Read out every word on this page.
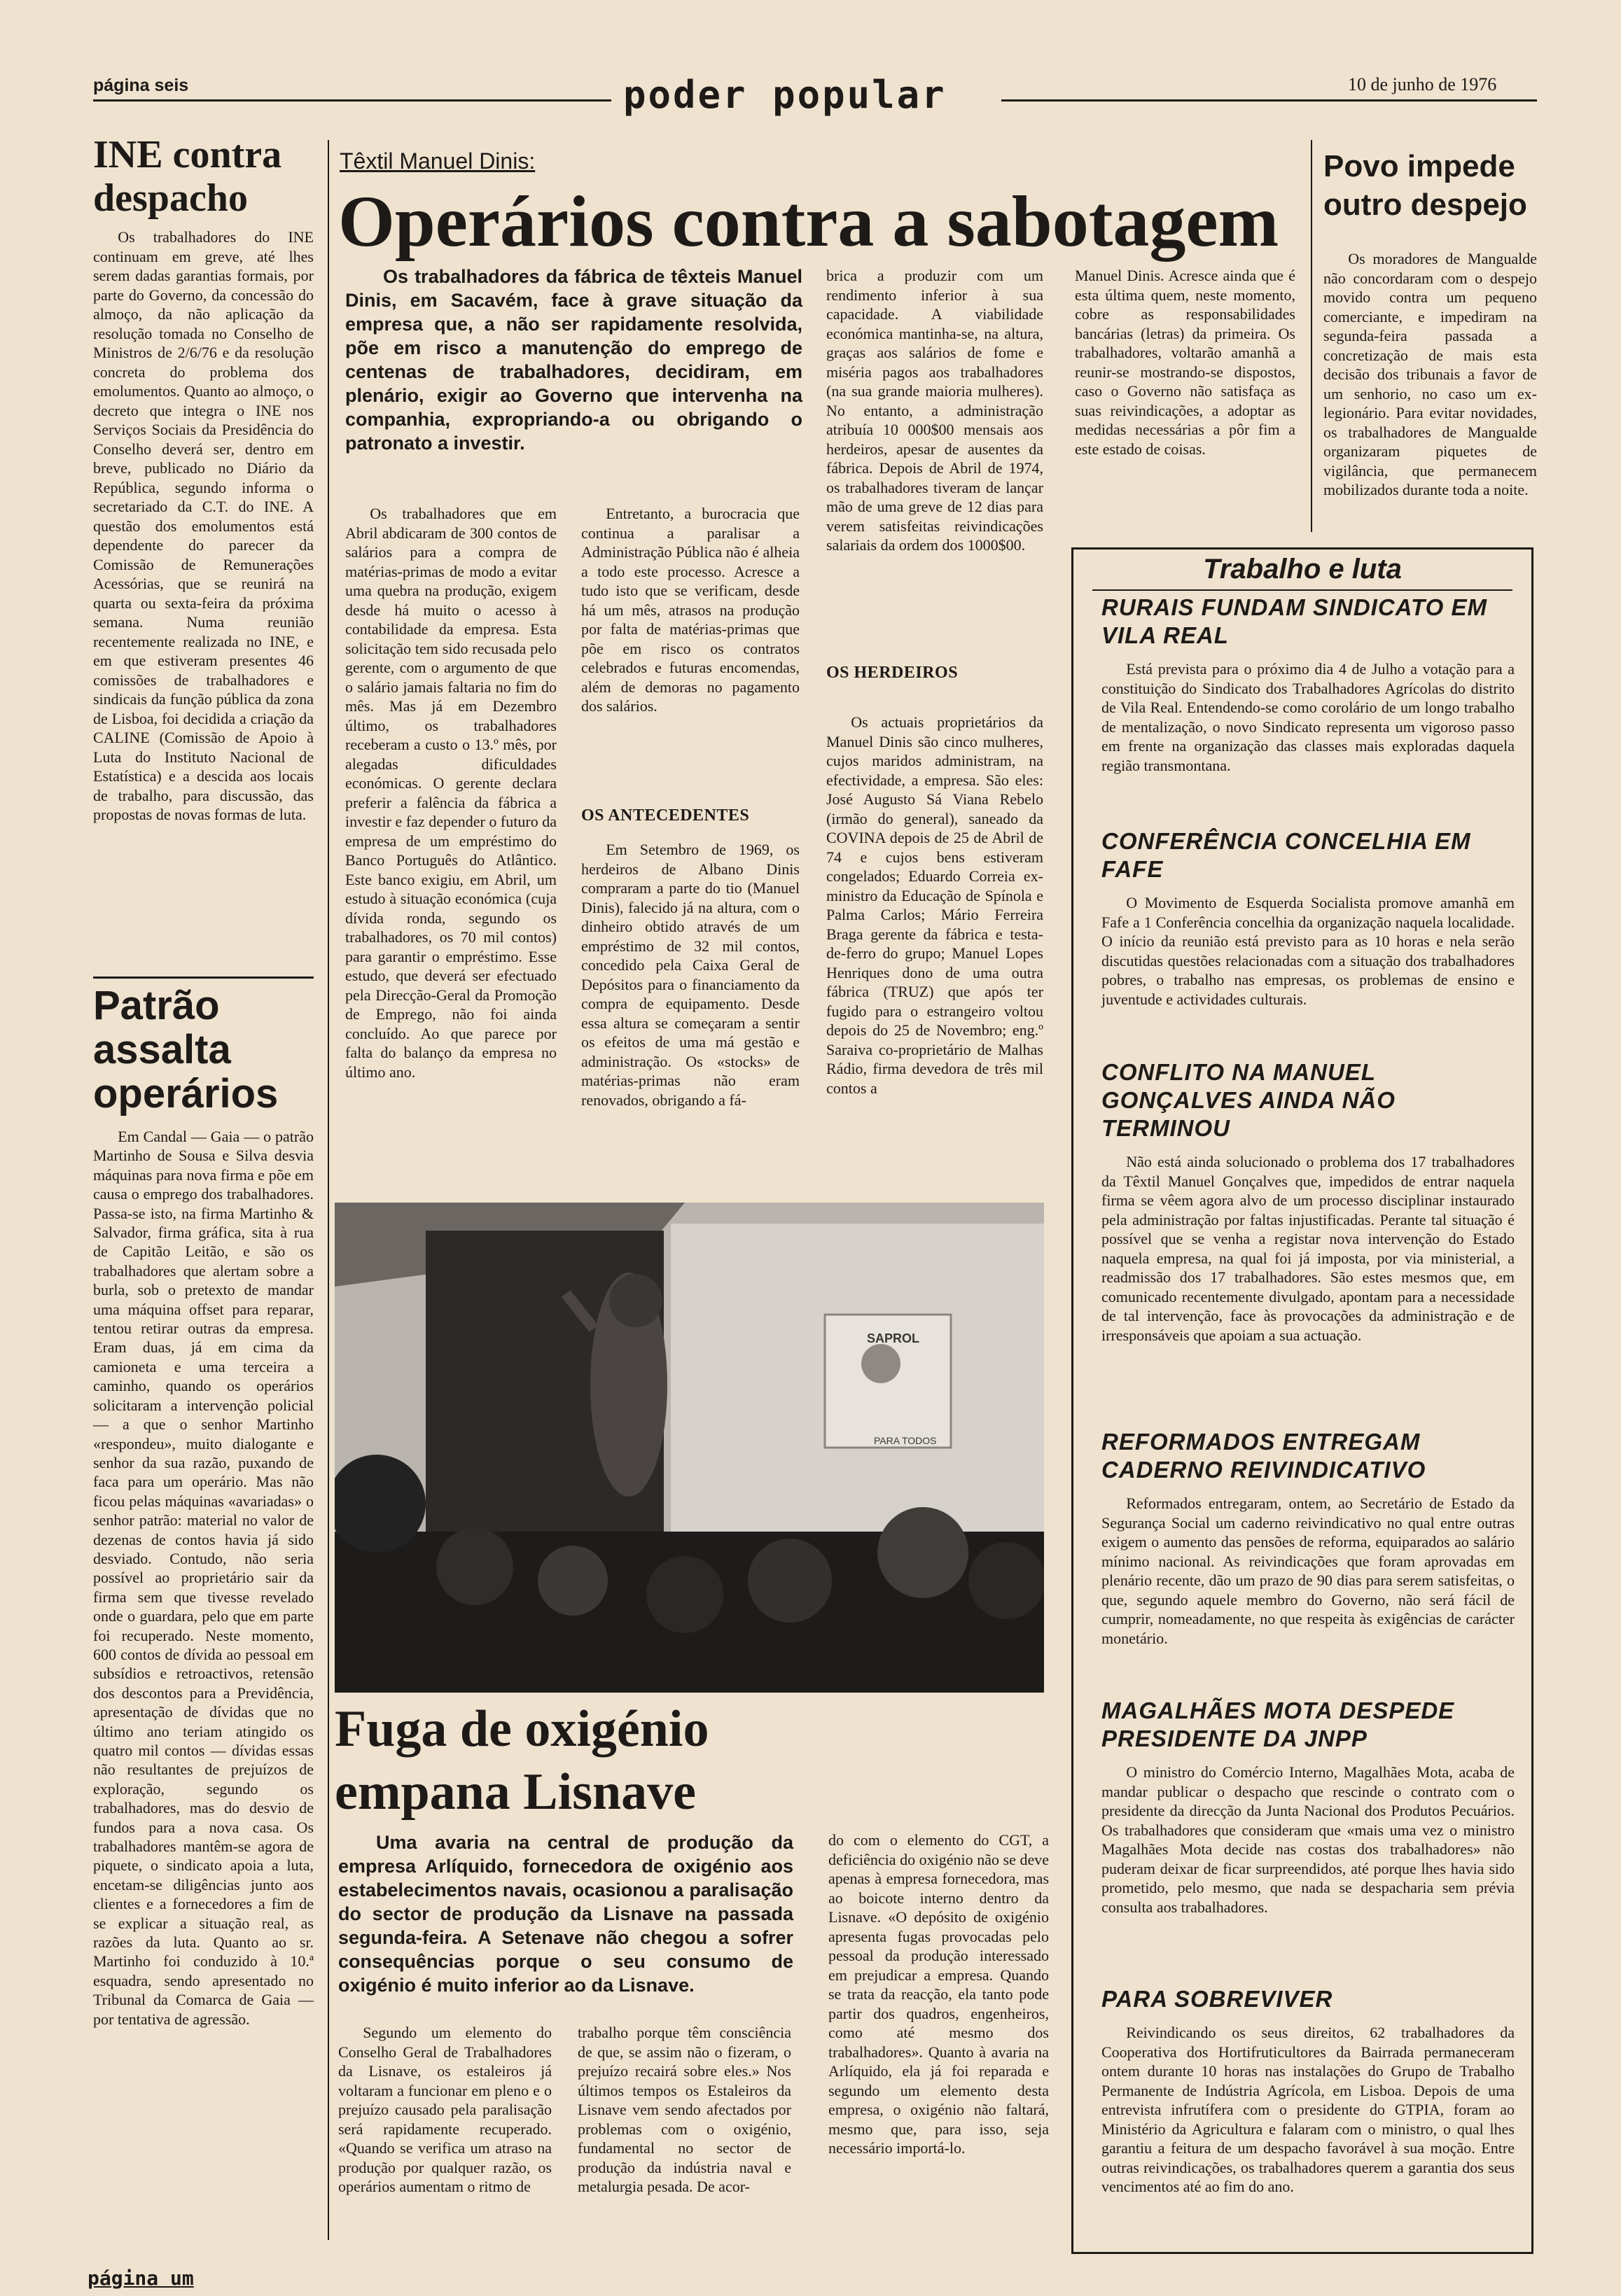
página seis	poder popular	10 de junho de 1976
INE contra despacho
Os trabalhadores do INE continuam em greve, até lhes serem dadas garantias formais, por parte do Governo, da concessão do almoço, da não aplicação da resolução tomada no Conselho de Ministros de 2/6/76 e da resolução concreta do problema dos emolumentos. Quanto ao almoço, o decreto que integra o INE nos Serviços Sociais da Presidência do Conselho deverá ser, dentro em breve, publicado no Diário da República, segundo informa o secretariado da C.T. do INE. A questão dos emolumentos está dependente do parecer da Comissão de Remunerações Acessórias, que se reunirá na quarta ou sexta-feira da próxima semana. Numa reunião recentemente realizada no INE, e em que estiveram presentes 46 comissões de trabalhadores e sindicais da função pública da zona de Lisboa, foi decidida a criação da CALINE (Comissão de Apoio à Luta do Instituto Nacional de Estatística) e a descida aos locais de trabalho, para discussão, das propostas de novas formas de luta.
Patrão assalta operários
Em Candal — Gaia — o patrão Martinho de Sousa e Silva desvia máquinas para nova firma e põe em causa o emprego dos trabalhadores. Passa-se isto, na firma Martinho & Salvador, firma gráfica, sita à rua de Capitão Leitão, e são os trabalhadores que alertam sobre a burla, sob o pretexto de mandar uma máquina offset para reparar, tentou retirar outras da empresa. Eram duas, já em cima da camioneta e uma terceira a caminho, quando os operários solicitaram a intervenção policial — a que o senhor Martinho «respondeu», muito dialogante e senhor da sua razão, puxando de faca para um operário. Mas não ficou pelas máquinas «avariadas» o senhor patrão: material no valor de dezenas de contos havia já sido desviado. Contudo, não seria possível ao proprietário sair da firma sem que tivesse revelado onde o guardara, pelo que em parte foi recuperado. Neste momento, 600 contos de dívida ao pessoal em subsídios e retroactivos, retensão dos descontos para a Previdência, apresentação de dívidas que no último ano teriam atingido os quatro mil contos — dívidas essas não resultantes de prejuízos de exploração, segundo os trabalhadores, mas do desvio de fundos para a nova casa. Os trabalhadores mantêm-se agora de piquete, o sindicato apoia a luta, encetam-se diligências junto aos clientes e a fornecedores a fim de se explicar a situação real, as razões da luta. Quanto ao sr. Martinho foi conduzido à 10.ª esquadra, sendo apresentado no Tribunal da Comarca de Gaia — por tentativa de agressão.
página um
Têxtil Manuel Dinis:
Operários contra a sabotagem
Os trabalhadores da fábrica de têxteis Manuel Dinis, em Sacavém, face à grave situação da empresa que, a não ser rapidamente resolvida, põe em risco a manutenção do emprego de centenas de trabalhadores, decidiram, em plenário, exigir ao Governo que intervenha na companhia, expropriando-a ou obrigando o patronato a investir.
Os trabalhadores que em Abril abdicaram de 300 contos de salários para a compra de matérias-primas de modo a evitar uma quebra na produção, exigem desde há muito o acesso à contabilidade da empresa. Esta solicitação tem sido recusada pelo gerente, com o argumento de que o salário jamais faltaria no fim do mês. Mas já em Dezembro último, os trabalhadores receberam a custo o 13.º mês, por alegadas dificuldades económicas. O gerente declara preferir a falência da fábrica a investir e faz depender o futuro da empresa de um empréstimo do Banco Português do Atlântico. Este banco exigiu, em Abril, um estudo à situação económica (cuja dívida ronda, segundo os trabalhadores, os 70 mil contos) para garantir o empréstimo. Esse estudo, que deverá ser efectuado pela Direcção-Geral da Promoção de Emprego, não foi ainda concluído. Ao que parece por falta do balanço da empresa no último ano.
Entretanto, a burocracia que continua a paralisar a Administração Pública não é alheia a todo este processo. Acresce a tudo isto que se verificam, desde há um mês, atrasos na produção por falta de matérias-primas que põe em risco os contratos celebrados e futuras encomendas, além de demoras no pagamento dos salários.
OS ANTECEDENTES
Em Setembro de 1969, os herdeiros de Albano Dinis compraram a parte do tio (Manuel Dinis), falecido já na altura, com o dinheiro obtido através de um empréstimo de 32 mil contos, concedido pela Caixa Geral de Depósitos para o financiamento da compra de equipamento. Desde essa altura se começaram a sentir os efeitos de uma má gestão e administração. Os «stocks» de matérias-primas não eram renovados, obrigando a fá-
brica a produzir com um rendimento inferior à sua capacidade. A viabilidade económica mantinha-se, na altura, graças aos salários de fome e miséria pagos aos trabalhadores (na sua grande maioria mulheres). No entanto, a administração atribuía 10 000$00 mensais aos herdeiros, apesar de ausentes da fábrica. Depois de Abril de 1974, os trabalhadores tiveram de lançar mão de uma greve de 12 dias para verem satisfeitas reivindicações salariais da ordem dos 1000$00.
OS HERDEIROS
Os actuais proprietários da Manuel Dinis são cinco mulheres, cujos maridos administram, na efectividade, a empresa. São eles: José Augusto Sá Viana Rebelo (irmão do general), saneado da COVINA depois de 25 de Abril de 74 e cujos bens estiveram congelados; Eduardo Correia ex-ministro da Educação de Spínola e Palma Carlos; Mário Ferreira Braga gerente da fábrica e testa-de-ferro do grupo; Manuel Lopes Henriques dono de uma outra fábrica (TRUZ) que após ter fugido para o estrangeiro voltou depois do 25 de Novembro; eng.º Saraiva co-proprietário de Malhas Rádio, firma devedora de três mil contos a
Manuel Dinis. Acresce ainda que é esta última quem, neste momento, cobre as responsabilidades bancárias (letras) da primeira. Os trabalhadores, voltarão amanhã a reunir-se mostrando-se dispostos, caso o Governo não satisfaça as suas reivindicações, a adoptar as medidas necessárias a pôr fim a este estado de coisas.
Povo impede outro despejo
Os moradores de Mangualde não concordaram com o despejo movido contra um pequeno comerciante, e impediram na segunda-feira passada a concretização de mais esta decisão dos tribunais a favor de um senhorio, no caso um ex-legionário. Para evitar novidades, os trabalhadores de Mangualde organizaram piquetes de vigilância, que permanecem mobilizados durante toda a noite.
Trabalho e luta
RURAIS FUNDAM SINDICATO EM VILA REAL

Está prevista para o próximo dia 4 de Julho a votação para a constituição do Sindicato dos Trabalhadores Agrícolas do distrito de Vila Real. Entendendo-se como corolário de um longo trabalho de mentalização, o novo Sindicato representa um vigoroso passo em frente na organização das classes mais exploradas daquela região transmontana.

CONFERÊNCIA CONCELHIA EM FAFE

O Movimento de Esquerda Socialista promove amanhã em Fafe a 1 Conferência concelhia da organização naquela localidade. O início da reunião está previsto para as 10 horas e nela serão discutidas questões relacionadas com a situação dos trabalhadores pobres, o trabalho nas empresas, os problemas de ensino e juventude e actividades culturais.

CONFLITO NA MANUEL GONÇALVES AINDA NÃO TERMINOU

Não está ainda solucionado o problema dos 17 trabalhadores da Têxtil Manuel Gonçalves que, impedidos de entrar naquela firma se vêem agora alvo de um processo disciplinar instaurado pela administração por faltas injustificadas. Perante tal situação é possível que se venha a registar nova intervenção do Estado naquela empresa, na qual foi já imposta, por via ministerial, a readmissão dos 17 trabalhadores. São estes mesmos que, em comunicado recentemente divulgado, apontam para a necessidade de tal intervenção, face às provocações da administração e de irresponsáveis que apoiam a sua actuação.

REFORMADOS ENTREGAM CADERNO REIVINDICATIVO

Reformados entregaram, ontem, ao Secretário de Estado da Segurança Social um caderno reivindicativo no qual entre outras exigem o aumento das pensões de reforma, equiparados ao salário mínimo nacional. As reivindicações que foram aprovadas em plenário recente, dão um prazo de 90 dias para serem satisfeitas, o que, segundo aquele membro do Governo, não será fácil de cumprir, nomeadamente, no que respeita às exigências de carácter monetário.

MAGALHÃES MOTA DESPEDE PRESIDENTE DA JNPP

O ministro do Comércio Interno, Magalhães Mota, acaba de mandar publicar o despacho que rescinde o contrato com o presidente da direcção da Junta Nacional dos Produtos Pecuários. Os trabalhadores que consideram que «mais uma vez o ministro Magalhães Mota decide nas costas dos trabalhadores» não puderam deixar de ficar surpreendidos, até porque lhes havia sido prometido, pelo mesmo, que nada se despacharia sem prévia consulta aos trabalhadores.

PARA SOBREVIVER

Reivindicando os seus direitos, 62 trabalhadores da Cooperativa dos Hortifruticultores da Bairrada permaneceram ontem durante 10 horas nas instalações do Grupo de Trabalho Permanente de Indústria Agrícola, em Lisboa. Depois de uma entrevista infrutífera com o presidente do GTPIA, foram ao Ministério da Agricultura e falaram com o ministro, o qual lhes garantiu a feitura de um despacho favorável à sua moção. Entre outras reivindicações, os trabalhadores querem a garantia dos seus vencimentos até ao fim do ano.

SAPROL
PARA TODOS
Fuga de oxigénio empana Lisnave
Uma avaria na central de produção da empresa Arlíquido, fornecedora de oxigénio aos estabelecimentos navais, ocasionou a paralisação do sector de produção da Lisnave na passada segunda-feira. A Setenave não chegou a sofrer consequências porque o seu consumo de oxigénio é muito inferior ao da Lisnave.
Segundo um elemento do Conselho Geral de Trabalhadores da Lisnave, os estaleiros já voltaram a funcionar em pleno e o prejuízo causado pela paralisação será rapidamente recuperado. «Quando se verifica um atraso na produção por qualquer razão, os operários aumentam o ritmo de
trabalho porque têm consciência de que, se assim não o fizeram, o prejuízo recairá sobre eles.» Nos últimos tempos os Estaleiros da Lisnave vem sendo afectados por problemas com o oxigénio, fundamental no sector de produção da indústria naval e metalurgia pesada. De acor-
do com o elemento do CGT, a deficiência do oxigénio não se deve apenas à empresa fornecedora, mas ao boicote interno dentro da Lisnave. «O depósito de oxigénio apresenta fugas provocadas pelo pessoal da produção interessado em prejudicar a empresa. Quando se trata da reacção, ela tanto pode partir dos quadros, engenheiros, como até mesmo dos trabalhadores». Quanto à avaria na Arlíquido, ela já foi reparada e segundo um elemento desta empresa, o oxigénio não faltará, mesmo que, para isso, seja necessário importá-lo.
